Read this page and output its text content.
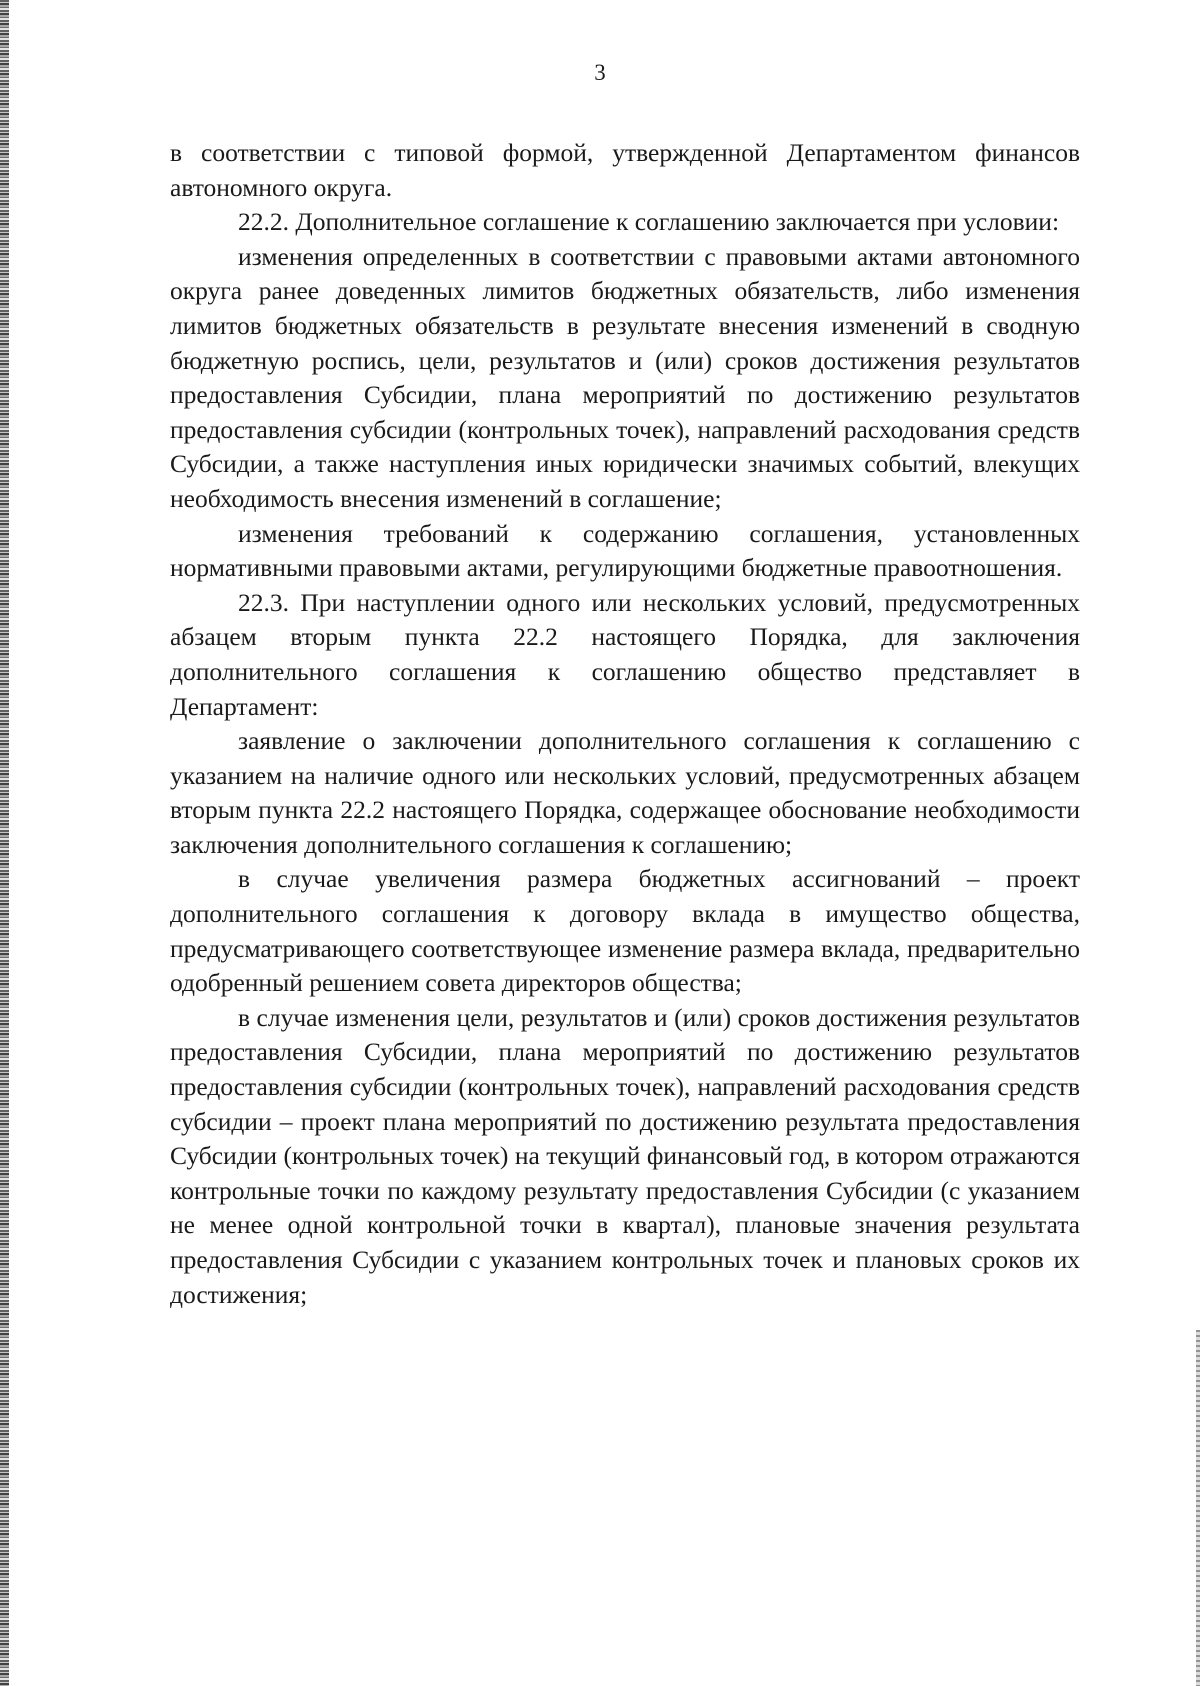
3

в соответствии с типовой формой, утвержденной Департаментом финансов автономного округа.

22.2. Дополнительное соглашение к соглашению заключается при условии:

изменения определенных в соответствии с правовыми актами автономного округа ранее доведенных лимитов бюджетных обязательств, либо изменения лимитов бюджетных обязательств в результате внесения изменений в сводную бюджетную роспись, цели, результатов и (или) сроков достижения результатов предоставления Субсидии, плана мероприятий по достижению результатов предоставления субсидии (контрольных точек), направлений расходования средств Субсидии, а также наступления иных юридически значимых событий, влекущих необходимость внесения изменений в соглашение;

изменения требований к содержанию соглашения, установленных нормативными правовыми актами, регулирующими бюджетные правоотношения.

22.3. При наступлении одного или нескольких условий, предусмотренных абзацем вторым пункта 22.2 настоящего Порядка, для заключения дополнительного соглашения к соглашению общество представляет в Департамент:

заявление о заключении дополнительного соглашения к соглашению с указанием на наличие одного или нескольких условий, предусмотренных абзацем вторым пункта 22.2 настоящего Порядка, содержащее обоснование необходимости заключения дополнительного соглашения к соглашению;

в случае увеличения размера бюджетных ассигнований – проект дополнительного соглашения к договору вклада в имущество общества, предусматривающего соответствующее изменение размера вклада, предварительно одобренный решением совета директоров общества;

в случае изменения цели, результатов и (или) сроков достижения результатов предоставления Субсидии, плана мероприятий по достижению результатов предоставления субсидии (контрольных точек), направлений расходования средств субсидии – проект плана мероприятий по достижению результата предоставления Субсидии (контрольных точек) на текущий финансовый год, в котором отражаются контрольные точки по каждому результату предоставления Субсидии (с указанием не менее одной контрольной точки в квартал), плановые значения результата предоставления Субсидии с указанием контрольных точек и плановых сроков их достижения;
